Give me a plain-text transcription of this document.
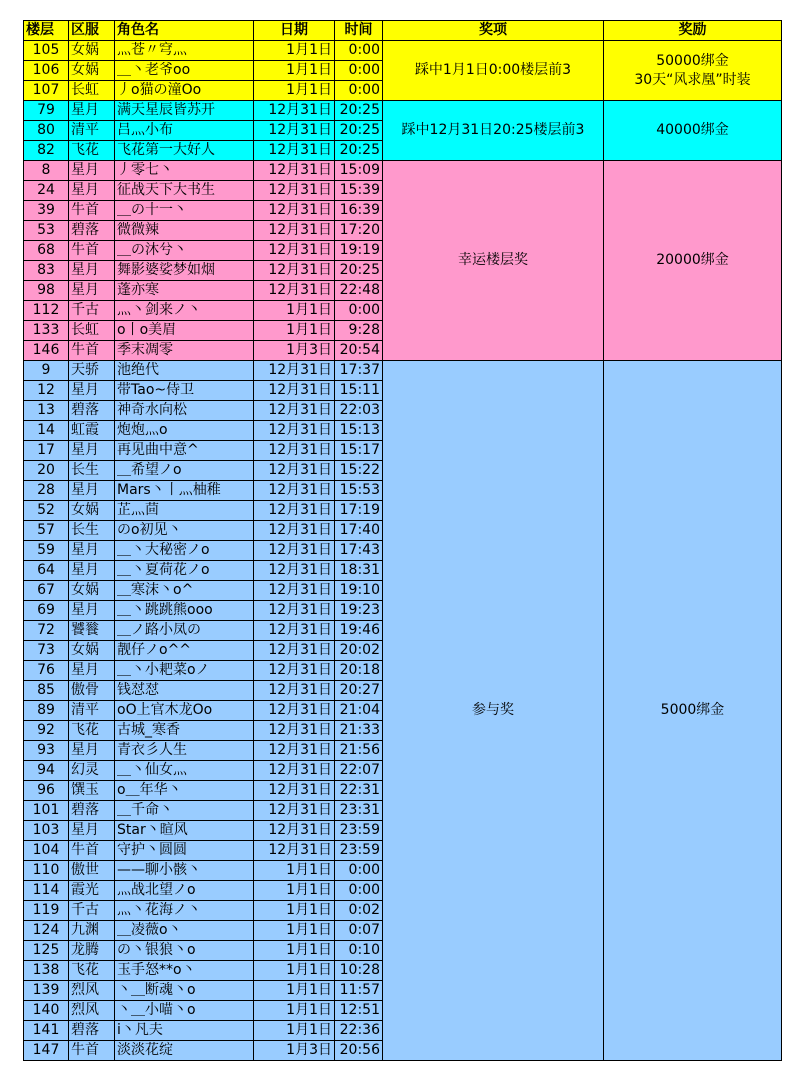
楼层	区服	角色名	日期	时间	奖项	奖励
105	女娲	灬苍〃穹灬	1月1日	0:00	踩中1月1日0:00楼层前3	50000绑金
30天“风求凰”时装
106	女娲	＿丶老爷oo	1月1日	0:00		
107	长虹	丿o猫の潼Oo	1月1日	0:00		
79	星月	满天星辰皆苏开	12月31日	20:25	踩中12月31日20:25楼层前3	40000绑金
80	清平	吕灬小布	12月31日	20:25		
82	飞花	飞花第一大好人	12月31日	20:25		
8	星月	丿零七丶	12月31日	15:09	幸运楼层奖	20000绑金
24	星月	征战天下大书生	12月31日	15:39		
39	牛首	＿の十一丶	12月31日	16:39		
53	碧落	微微辣	12月31日	17:20		
68	牛首	＿の沐兮丶	12月31日	19:19		
83	星月	舞影婆娑梦如烟	12月31日	20:25		
98	星月	蓬亦寒	12月31日	22:48		
112	千古	灬丶剑来ノ丶	1月1日	0:00		
133	长虹	o丨o美眉	1月1日	9:28		
146	牛首	季末凋零	1月3日	20:54		
9	天骄	池绝代	12月31日	17:37	参与奖	5000绑金
12	星月	带Tao~侍卫	12月31日	15:11		
13	碧落	神奇水向松	12月31日	22:03		
14	虹霞	炮炮灬o	12月31日	15:13		
17	星月	再见曲中意^	12月31日	15:17		
20	长生	＿希望ノo	12月31日	15:22		
28	星月	Mars丶丨灬柚稚	12月31日	15:53		
52	女娲	芷灬茴	12月31日	17:19		
57	长生	のo初见丶	12月31日	17:40		
59	星月	＿丶大秘密ノo	12月31日	17:43		
64	星月	＿丶夏荷花ノo	12月31日	18:31		
67	女娲	＿寒沫丶o^	12月31日	19:10		
69	星月	＿丶跳跳熊ooo	12月31日	19:23		
72	饕餮	＿ノ路小凤の	12月31日	19:46		
73	女娲	靓仔ノo^^	12月31日	20:02		
76	星月	＿丶小耙菜oノ	12月31日	20:18		
85	傲骨	钱怼怼	12月31日	20:27		
89	清平	oO上官木龙Oo	12月31日	21:04		
92	飞花	古城_寒香	12月31日	21:33		
93	星月	青衣彡人生	12月31日	21:56		
94	幻灵	＿丶仙女灬	12月31日	22:07		
96	馔玉	o＿年华丶	12月31日	22:31		
101	碧落	＿千命丶	12月31日	23:31		
103	星月	Star丶暄风	12月31日	23:59		
104	牛首	守护丶圆圆	12月31日	23:59		
110	傲世	——聊小骸丶	1月1日	0:00		
114	霞光	灬战北望ノo	1月1日	0:00		
119	千古	灬丶花海ノ丶	1月1日	0:02		
124	九渊	＿凌薇o丶	1月1日	0:07		
125	龙腾	の丶银狼丶o	1月1日	0:10		
138	飞花	玉手怒**o丶	1月1日	10:28		
139	烈风	丶＿断魂丶o	1月1日	11:57		
140	烈风	丶＿小喵丶o	1月1日	12:51		
141	碧落	i丶凡夫	1月1日	22:36		
147	牛首	淡淡花绽	1月3日	20:56		
